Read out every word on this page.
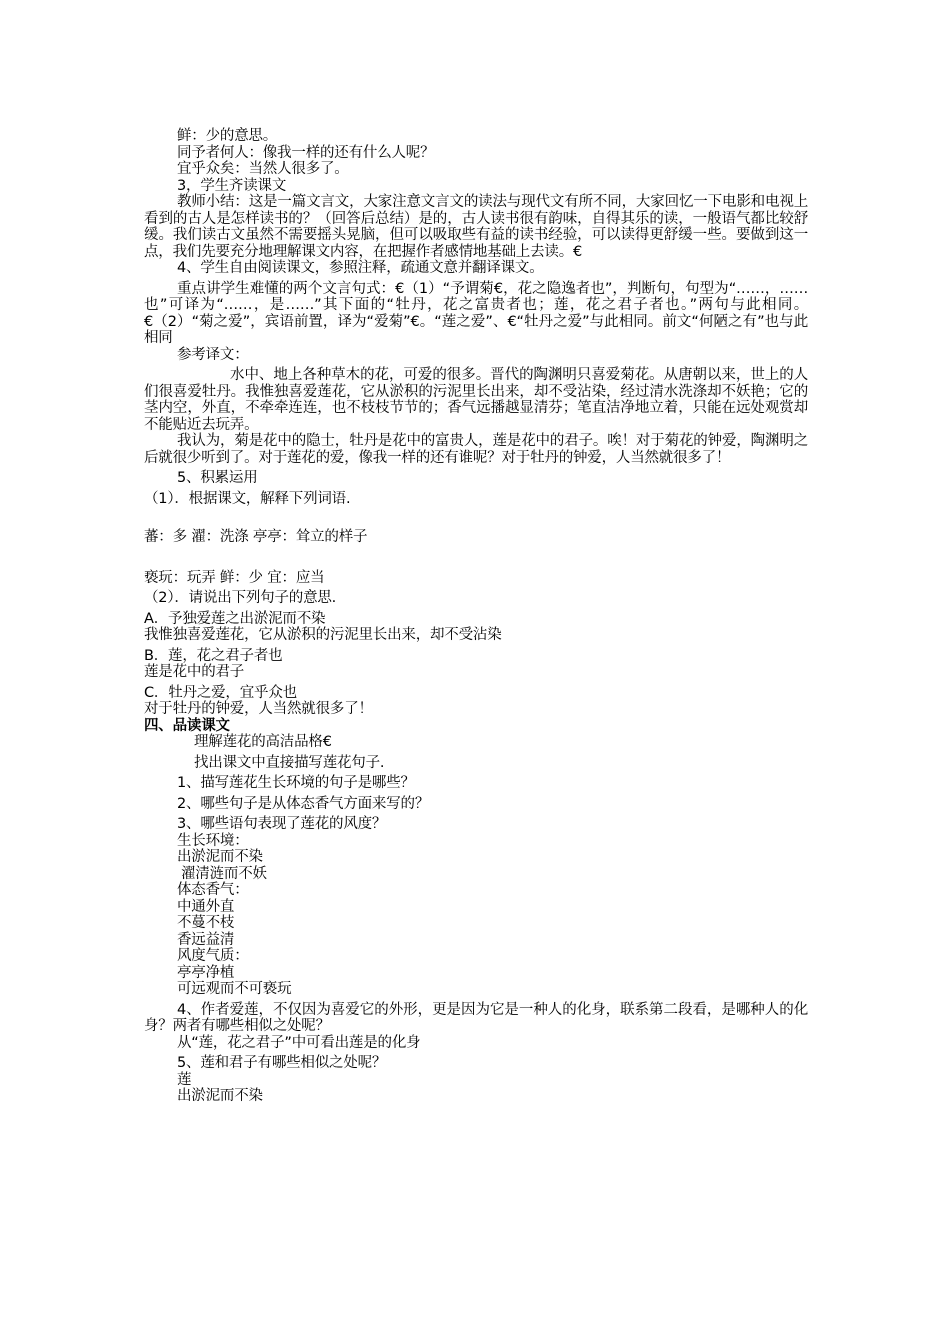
鲜：少的意思。
同予者何人：像我一样的还有什么人呢？
宜乎众矣：当然人很多了。
3，学生齐读课文
教师小结：这是一篇文言文，大家注意文言文的读法与现代文有所不同，大家回忆一下电影和电视上看到的古人是怎样读书的？（回答后总结）是的，古人读书很有韵味，自得其乐的读，一般语气都比较舒缓。我们读古文虽然不需要摇头晃脑，但可以吸取些有益的读书经验，可以读得更舒缓一些。要做到这一点，我们先要充分地理解课文内容，在把握作者感情地基础上去读。€
4、学生自由阅读课文，参照注释，疏通文意并翻译课文。
重点讲学生难懂的两个文言句式：€（1）“予谓菊€，花之隐逸者也”，判断句，句型为“……，……也”可译为“……，是……”其下面的“牡丹，花之富贵者也；莲，花之君子者也。”两句与此相同。€（2）“菊之爱”，宾语前置，译为“爱菊”€。“莲之爱”、€“牡丹之爱”与此相同。前文“何陋之有”也与此相同
参考译文：
水中、地上各种草木的花，可爱的很多。晋代的陶渊明只喜爱菊花。从唐朝以来，世上的人们很喜爱牡丹。我惟独喜爱莲花，它从淤积的污泥里长出来，却不受沾染，经过清水洗涤却不妖艳；它的茎内空，外直，不牵牵连连，也不枝枝节节的；香气远播越显清芬；笔直洁净地立着，只能在远处观赏却不能贴近去玩弄。
我认为，菊是花中的隐士，牡丹是花中的富贵人，莲是花中的君子。唉！对于菊花的钟爱，陶渊明之后就很少听到了。对于莲花的爱，像我一样的还有谁呢？对于牡丹的钟爱，人当然就很多了！
5、积累运用
（1）．根据课文，解释下列词语.
蕃：多 濯：洗涤 亭亭：耸立的样子
亵玩：玩弄 鲜：少 宜：应当
（2）．请说出下列句子的意思.
A．予独爱莲之出淤泥而不染
我惟独喜爱莲花，它从淤积的污泥里长出来，却不受沾染
B．莲，花之君子者也
莲是花中的君子
C．牡丹之爱，宜乎众也
对于牡丹的钟爱，人当然就很多了！
四、品读课文
理解莲花的高洁品格€
找出课文中直接描写莲花句子.
1、描写莲花生长环境的句子是哪些？
2、哪些句子是从体态香气方面来写的？
3、哪些语句表现了莲花的风度？
生长环境：
出淤泥而不染
濯清涟而不妖
体态香气：
中通外直
不蔓不枝
香远益清
风度气质：
亭亭净植
可远观而不可亵玩
4、作者爱莲，不仅因为喜爱它的外形，更是因为它是一种人的化身，联系第二段看，是哪种人的化身？两者有哪些相似之处呢？
从“莲，花之君子”中可看出莲是的化身
5、莲和君子有哪些相似之处呢？
莲
出淤泥而不染
